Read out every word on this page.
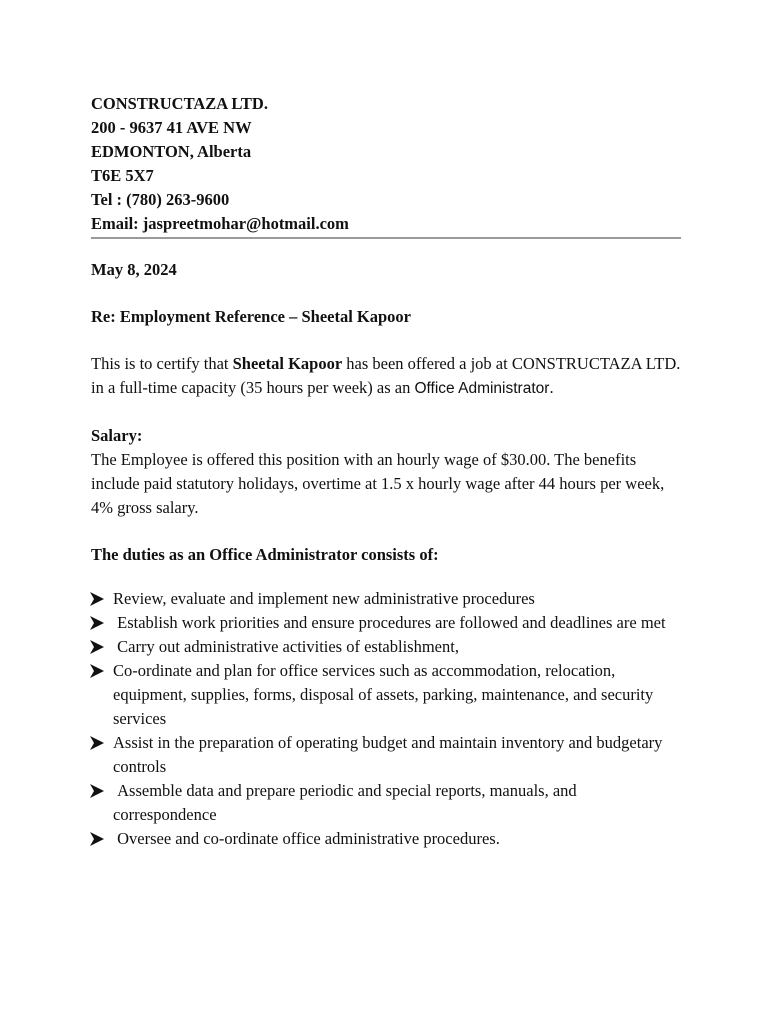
CONSTRUCTAZA LTD.
200 - 9637 41 AVE NW
EDMONTON, Alberta
T6E 5X7
Tel : (780) 263-9600
Email: jaspreetmohar@hotmail.com
May 8, 2024
Re: Employment Reference – Sheetal Kapoor
This is to certify that Sheetal Kapoor has been offered a job at CONSTRUCTAZA LTD. in a full-time capacity (35 hours per week) as an Office Administrator.
Salary:
The Employee is offered this position with an hourly wage of $30.00. The benefits include paid statutory holidays, overtime at 1.5 x hourly wage after 44 hours per week, 4% gross salary.
The duties as an Office Administrator consists of:
Review, evaluate and implement new administrative procedures
Establish work priorities and ensure procedures are followed and deadlines are met
Carry out administrative activities of establishment,
Co-ordinate and plan for office services such as accommodation, relocation, equipment, supplies, forms, disposal of assets, parking, maintenance, and security services
Assist in the preparation of operating budget and maintain inventory and budgetary controls
Assemble data and prepare periodic and special reports, manuals, and correspondence
Oversee and co-ordinate office administrative procedures.
